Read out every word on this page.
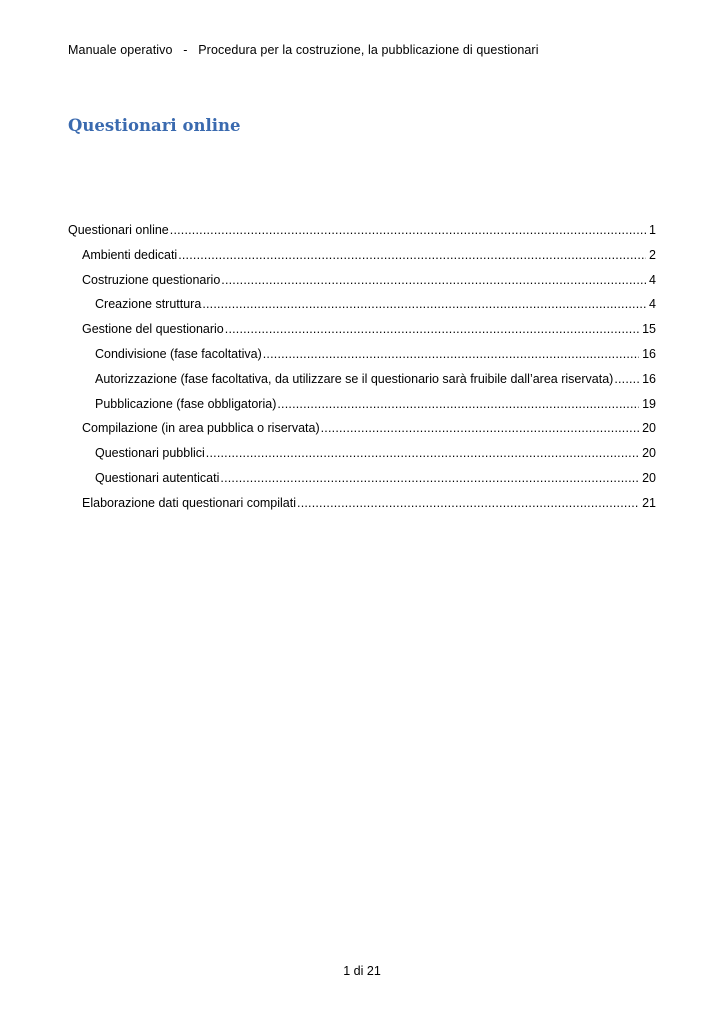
Manuale operativo   -   Procedura per la costruzione, la pubblicazione di questionari
Questionari online
Questionari online .....	1
Ambienti dedicati .....	2
Costruzione questionario .....	4
Creazione struttura .....	4
Gestione del questionario .....	15
Condivisione (fase facoltativa) .....	16
Autorizzazione (fase facoltativa, da utilizzare se il questionario sarà fruibile dall’area riservata) ..... 16
Pubblicazione (fase obbligatoria) .....	19
Compilazione (in area pubblica o riservata) .....	20
Questionari pubblici .....	20
Questionari autenticati .....	20
Elaborazione dati questionari compilati .....	21
1 di 21
